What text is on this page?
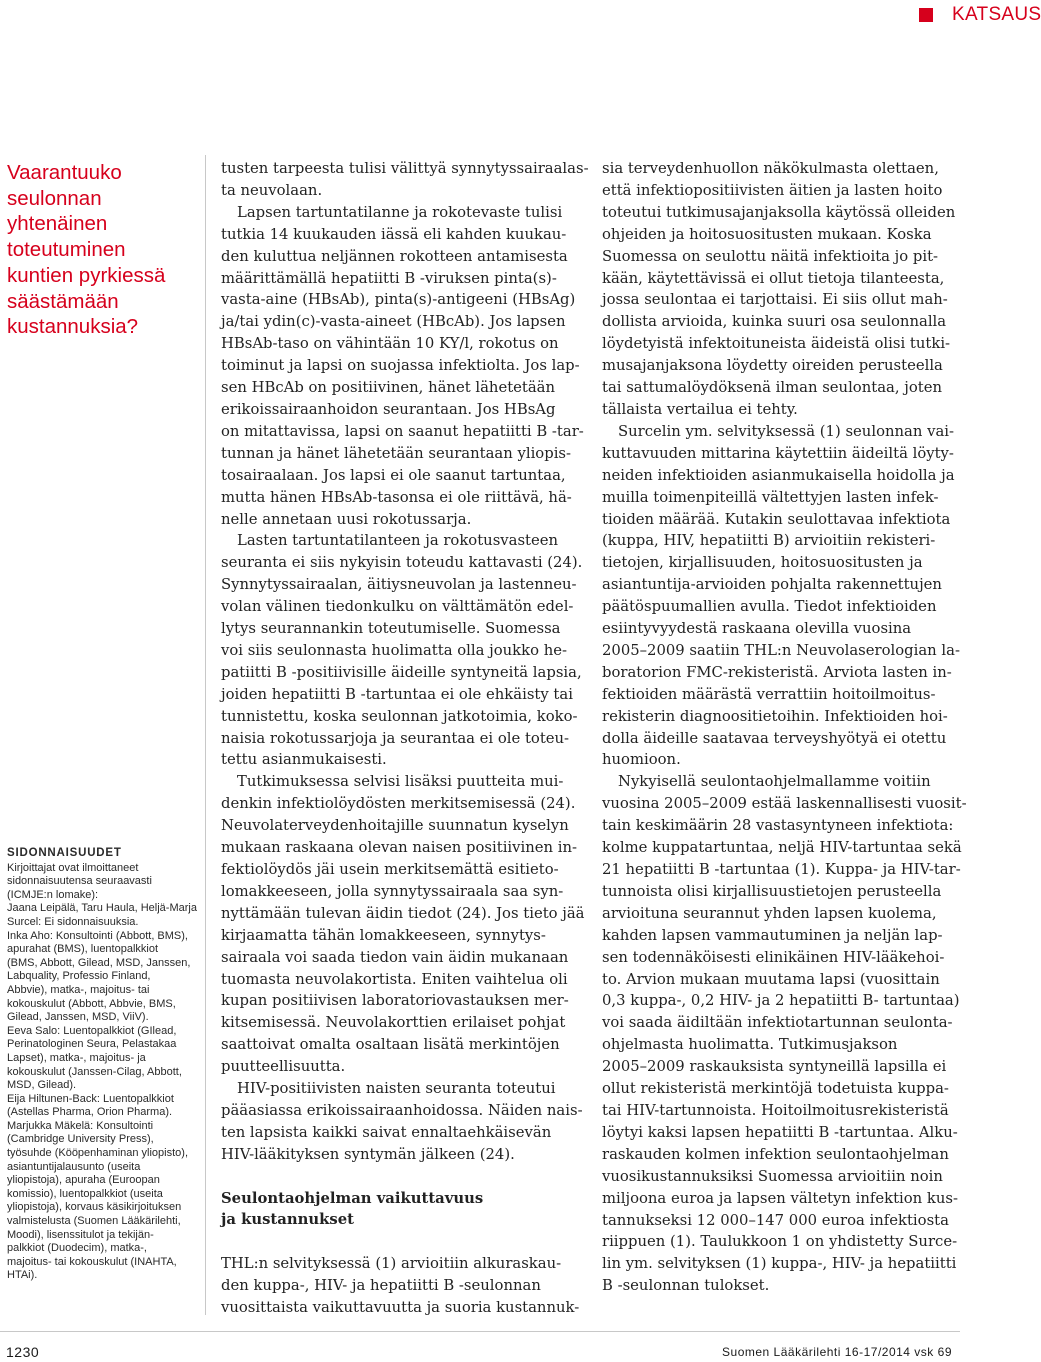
KATSAUS
Vaarantuuko
seulonnan
yhtenäinen
toteutuminen
kuntien pyrkiessä
säästämään
kustannuksia?
SIDONNAISUUDET
Kirjoittajat ovat ilmoittaneet
sidonnaisuutensa seuraavasti
(ICMJE:n lomake):
Jaana Leipälä, Taru Haula, Heljä-Marja
Surcel: Ei sidonnaisuuksia.
Inka Aho: Konsultointi (Abbott, BMS),
apurahat (BMS), luentopalkkiot
(BMS, Abbott, Gilead, MSD, Janssen,
Labquality, Professio Finland,
Abbvie), matka-, majoitus- tai
kokouskulut (Abbott, Abbvie, BMS,
Gilead, Janssen, MSD, ViiV).
Eeva Salo: Luentopalkkiot (GIlead,
Perinatologinen Seura, Pelastakaa
Lapset), matka-, majoitus- ja
kokouskulut (Janssen-Cilag, Abbott,
MSD, Gilead).
Eija Hiltunen-Back: Luentopalkkiot
(Astellas Pharma, Orion Pharma).
Marjukka Mäkelä: Konsultointi
(Cambridge University Press),
työsuhde (Kööpenhaminan yliopisto),
asiantuntijalausunto (useita
yliopistoja), apuraha (Euroopan
komissio), luentopalkkiot (useita
yliopistoja), korvaus käsikirjoituksen
valmistelusta (Suomen Lääkärilehti,
Moodi), lisenssitulot ja tekijän-
palkkiot (Duodecim), matka-,
majoitus- tai kokouskulut (INAHTA,
HTAi).
tusten tarpeesta tulisi välittyä synnytyssairaalas-
ta neuvolaan.
Lapsen tartuntatilanne ja rokotevaste tulisi
tutkia 14 kuukauden iässä eli kahden kuukau-
den kuluttua neljännen rokotteen antamisesta
määrittämällä hepatiitti B -viruksen pinta(s)-
vasta-aine (HBsAb), pinta(s)-antigeeni (HBsAg)
ja/tai ydin(c)-vasta-aineet (HBcAb). Jos lapsen
HBsAb-taso on vähintään 10 KY/l, rokotus on
toiminut ja lapsi on suojassa infektiolta. Jos lap-
sen HBcAb on positiivinen, hänet lähetetään
erikoissairaanhoidon seurantaan. Jos HBsAg
on mitattavissa, lapsi on saanut hepatiitti B -tar-
tunnan ja hänet lähetetään seurantaan yliopis-
tosairaalaan. Jos lapsi ei ole saanut tartuntaa,
mutta hänen HBsAb-tasonsa ei ole riittävä, hä-
nelle annetaan uusi rokotussarja.
Lasten tartuntatilanteen ja rokotusvasteen
seuranta ei siis nykyisin toteudu kattavasti (24).
Synnytyssairaalan, äitiysneuvolan ja lastenneu-
volan välinen tiedonkulku on välttämätön edel-
lytys seurannankin toteutumiselle. Suomessa
voi siis seulonnasta huolimatta olla joukko he-
patiitti B -positiivisille äideille syntyneitä lapsia,
joiden hepatiitti B -tartuntaa ei ole ehkäisty tai
tunnistettu, koska seulonnan jatkotoimia, koko-
naisia rokotussarjoja ja seurantaa ei ole toteu-
tettu asianmukaisesti.
Tutkimuksessa selvisi lisäksi puutteita mui-
denkin infektiolöydösten merkitsemisessä (24).
Neuvolaterveydenhoitajille suunnatun kyselyn
mukaan raskaana olevan naisen positiivinen in-
fektiolöydös jäi usein merkitsemättä esitieto-
lomakkeeseen, jolla synnytyssairaala saa syn-
nyttämään tulevan äidin tiedot (24). Jos tieto jää
kirjaamatta tähän lomakkeeseen, synnytys-
sairaala voi saada tiedon vain äidin mukanaan
tuomasta neuvolakortista. Eniten vaihtelua oli
kupan positiivisen laboratoriovastauksen mer-
kitsemisessä. Neuvolakorttien erilaiset pohjat
saattoivat omalta osaltaan lisätä merkintöjen
puutteellisuutta.
HIV-positiivisten naisten seuranta toteutui
pääasiassa erikoissairaanhoidossa. Näiden nais-
ten lapsista kaikki saivat ennaltaehkäisevän
HIV-lääkityksen syntymän jälkeen (24).
Seulontaohjelman vaikuttavuus
ja kustannukset
THL:n selvityksessä (1) arvioitiin alkuraskau-
den kuppa-, HIV- ja hepatiitti B -seulonnan
vuosittaista vaikuttavuutta ja suoria kustannuk-
sia terveydenhuollon näkökulmasta olettaen,
että infektiopositiivisten äitien ja lasten hoito
toteutui tutkimusajanjaksolla käytössä olleiden
ohjeiden ja hoitosuositusten mukaan. Koska
Suomessa on seulottu näitä infektioita jo pit-
kään, käytettävissä ei ollut tietoja tilanteesta,
jossa seulontaa ei tarjottaisi. Ei siis ollut mah-
dollista arvioida, kuinka suuri osa seulonnalla
löydetyistä infektoituneista äideistä olisi tutki-
musajanjaksona löydetty oireiden perusteella
tai sattumalöydöksenä ilman seulontaa, joten
tällaista vertailua ei tehty.
Surcelin ym. selvityksessä (1) seulonnan vai-
kuttavuuden mittarina käytettiin äideiltä löyty-
neiden infektioiden asianmukaisella hoidolla ja
muilla toimenpiteillä vältettyjen lasten infek-
tioiden määrää. Kutakin seulottavaa infektiota
(kuppa, HIV, hepatiitti B) arvioitiin rekisteri-
tietojen, kirjallisuuden, hoitosuositusten ja
asiantuntija-arvioiden pohjalta rakennettujen
päätöspuumallien avulla. Tiedot infektioiden
esiintyvyydestä raskaana olevilla vuosina
2005–2009 saatiin THL:n Neuvolaserologian la-
boratorion FMC-rekisteristä. Arviota lasten in-
fektioiden määrästä verrattiin hoitoilmoitus-
rekisterin diagnoositietoihin. Infektioiden hoi-
dolla äideille saatavaa terveyshyötyä ei otettu
huomioon.
Nykyisellä seulontaohjelmallamme voitiin
vuosina 2005–2009 estää laskennallisesti vuosit-
tain keskimäärin 28 vastasyntyneen infektiota:
kolme kuppatartuntaa, neljä HIV-tartuntaa sekä
21 hepatiitti B -tartuntaa (1). Kuppa- ja HIV-tar-
tunnoista olisi kirjallisuustietojen perusteella
arvioituna seurannut yhden lapsen kuolema,
kahden lapsen vammautuminen ja neljän lap-
sen todennäköisesti elinikäinen HIV-lääkehoi-
to. Arvion mukaan muutama lapsi (vuosittain
0,3 kuppa-, 0,2 HIV- ja 2 hepatiitti B- tartuntaa)
voi saada äidiltään infektiotartunnan seulonta-
ohjelmasta huolimatta. Tutkimusjakson
2005–2009 raskauksista syntyneillä lapsilla ei
ollut rekisteristä merkintöjä todetuista kuppa-
tai HIV-tartunnoista. Hoitoilmoitusrekisteristä
löytyi kaksi lapsen hepatiitti B -tartuntaa. Alku-
raskauden kolmen infektion seulontaohjelman
vuosikustannuksiksi Suomessa arvioitiin noin
miljoona euroa ja lapsen vältetyn infektion kus-
tannukseksi 12 000–147 000 euroa infektiosta
riippuen (1). Taulukkoon 1 on yhdistetty Surce-
lin ym. selvityksen (1) kuppa-, HIV- ja hepatiitti
B -seulonnan tulokset.
1230	Suomen Lääkärilehti 16-17/2014 vsk 69
